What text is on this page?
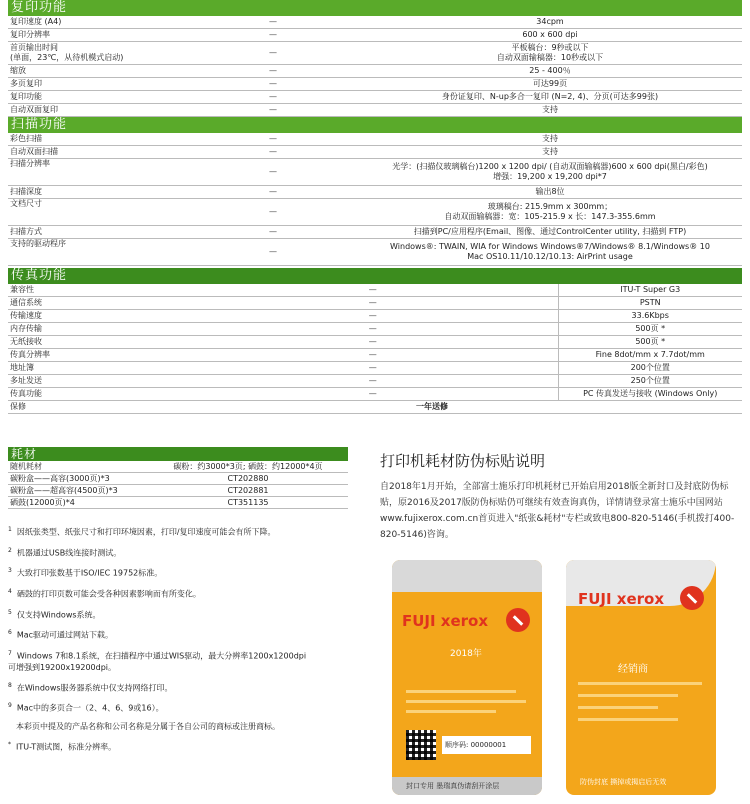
复印功能
复印速度 (A4)	—	34cpm
复印分辨率	—	600 x 600 dpi
首页输出时间
(单面，23℃，从待机模式启动)	—	平板稿台：9秒或以下
自动双面输稿器：10秒或以下
缩放	—	25 - 400％
多页复印	—	可达99页
复印功能	—	身份证复印、N-up多合一复印 (N=2, 4)、分页(可达多99张)
自动双面复印	—	支持
扫描功能
彩色扫描	—	支持
自动双面扫描	—	支持
扫描分辨率	—	光学：(扫描仪玻璃稿台)1200 x 1200 dpi/ (自动双面输稿器)600 x 600 dpi(黑白/彩色)
增强：19,200 x 19,200 dpi*7
扫描深度	—	输出8位
文档尺寸	—	玻璃稿台: 215.9mm x 300mm；
自动双面输稿器：宽：105-215.9 x 长：147.3-355.6mm
扫描方式	—	扫描到PC/应用程序(Email、图像、通过ControlCenter utility, 扫描到 FTP)
支持的驱动程序	—	Windows®: TWAIN, WIA for Windows Windows®7/Windows® 8.1/Windows® 10
Mac OS10.11/10.12/10.13: AirPrint usage
传真功能
兼容性	—	ITU-T Super G3
通信系统	—	PSTN
传输速度	—	33.6Kbps
内存传输	—	500页 *
无纸接收	—	500页 *
传真分辨率	—	Fine 8dot/mm x 7.7dot/mm
地址簿	—	200个位置
多址发送	—	250个位置
传真功能	—	PC 传真发送与接收 (Windows Only)
保修	一年送修	
耗材
随机耗材	碳粉：约3000*3页; 硒鼓：约12000*4页
碳粉盒——高容(3000页)*3	CT202880
碳粉盒——超高容(4500页)*3	CT202881
硒鼓(12000页)*4	CT351135
$^1$ 因纸张类型、纸张尺寸和打印环境因素，打印/复印速度可能会有所下降。
$^2$ 机器通过USB线连接时测试。
$^3$ 大致打印张数基于ISO/IEC 19752标准。
$^4$ 硒鼓的打印页数可能会受各种因素影响而有所变化。
$^5$ 仅支持Windows系统。
$^6$ Mac驱动可通过网站下载。
$^7$ Windows 7和8.1系统，在扫描程序中通过WIS驱动，最大分辨率1200x1200dpi
可增强到19200x19200dpi。
$^8$ 在Windows服务器系统中仅支持网络打印。
$^9$ Mac中的多页合一（2、4、6、9或16）。
本彩页中提及的产品名称和公司名称是分属于各自公司的商标或注册商标。
* ITU-T测试图，标准分辨率。
打印机耗材防伪标贴说明

自2018年1月开始，全部富士施乐打印机耗材已开始启用2018版全新封口及封底防伪标贴，原2016及2017版防伪标贴仍可继续有效查询真伪，详情请登录富士施乐中国网站www.fujixerox.com.cn首页进入"纸张&耗材"专栏或致电800-820-5146(手机拨打400-820-5146)咨询。

FUJI xerox
2018年
顺序码: 00000001
封口专用 墨瑞真伪请刮开涂层
FUJI xerox
经销商
防伪封底 撕掉或揭启后无效
